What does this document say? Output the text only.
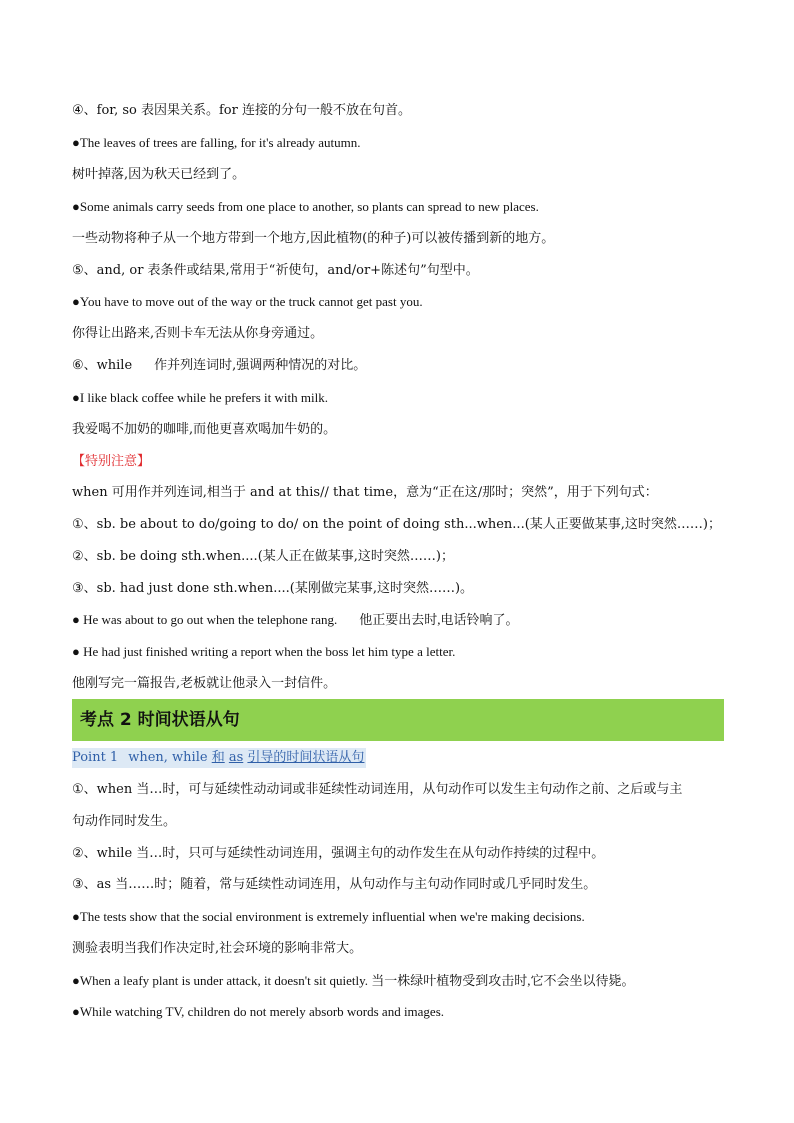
④、for, so 表因果关系。for 连接的分句一般不放在句首。
●The leaves of trees are falling, for it's already autumn.
树叶掉落,因为秋天已经到了。
●Some animals carry seeds from one place to another, so plants can spread to new places.
一些动物将种子从一个地方带到一个地方,因此植物(的种子)可以被传播到新的地方。
⑤、and, or 表条件或结果,常用于“祈使句，and/or+陈述句”句型中。
●You have to move out of the way or the truck cannot get past you.
你得让出路来,否则卡车无法从你身旁通过。
⑥、while 作并列连词时,强调两种情况的对比。
●I like black coffee while he prefers it with milk.
我爱喝不加奶的咖啡,而他更喜欢喝加牛奶的。
【特别注意】
when 可用作并列连词,相当于 and at this// that time，意为“正在这/那时；突然”，用于下列句式：
①、sb. be about to do/going to do/ on the point of doing sth...when...(某人正要做某事,这时突然……)；
②、sb. be doing sth.when....(某人正在做某事,这时突然……)；
③、sb. had just done sth.when....(某刚做完某事,这时突然……)。
● He was about to go out when the telephone rang. 他正要出去时,电话铃响了。
● He had just finished writing a report when the boss let him type a letter.
他刚写完一篇报告,老板就让他录入一封信件。
考点 2 时间状语从句
Point 1 when, while 和 as 引导的时间状语从句
①、when 当…时，可与延续性动动词或非延续性动词连用，从句动作可以发生主句动作之前、之后或与主
句动作同时发生。
②、while 当…时，只可与延续性动词连用，强调主句的动作发生在从句动作持续的过程中。
③、as 当……时；随着，常与延续性动词连用，从句动作与主句动作同时或几乎同时发生。
●The tests show that the social environment is extremely influential when we're making decisions.
测验表明当我们作决定时,社会环境的影响非常大。
●When a leafy plant is under attack, it doesn't sit quietly. 当一株绿叶植物受到攻击时,它不会坐以待毙。
●While watching TV, children do not merely absorb words and images.
